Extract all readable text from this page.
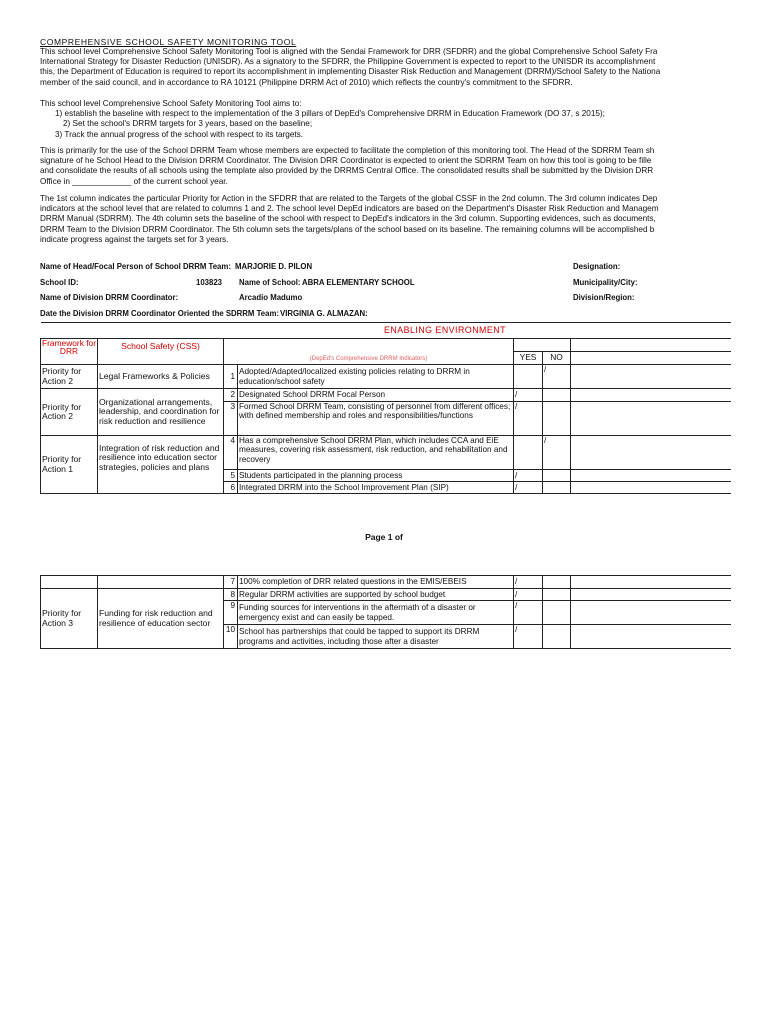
COMPREHENSIVE SCHOOL SAFETY MONITORING TOOL
This school level Comprehensive School Safety Monitoring Tool is aligned with the Sendai Framework for DRR (SFDRR) and the global Comprehensive School Safety Fra
International Strategy for Disaster Reduction (UNISDR). As a signatory to the SFDRR, the Philippine Government is expected to report to the UNISDR its accomplishment
this, the Department of Education is required to report its accomplishment in implementing Disaster Risk Reduction and Management (DRRM)/School Safety to the Nationa
member of the said council, and in accordance to RA 10121 (Philippine DRRM Act of 2010) which reflects the country's commitment to the SFDRR.
This school level Comprehensive School Safety Monitoring Tool aims to:
1) establish the baseline with respect to the implementation of the 3 pillars of DepEd's Comprehensive DRRM in Education Framework (DO 37, s 2015);
2) Set the school's DRRM targets for 3 years, based on the baseline;
3) Track the annual progress of the school with respect to its targets.
This is primarily for the use of the School DRRM Team whose members are expected to facilitate the completion of this monitoring tool. The Head of the SDRRM Team sh
signature of he School Head to the Division DRRM Coordinator. The Division DRR Coordinator is expected to orient the SDRRM Team on how this tool is going to be fille
and consolidate the results of all schools using the template also provided by the DRRMS Central Office. The consolidated results shall be submitted by the Division DRR
Office in _____________ of the current school year.
The 1st column indicates the particular Priority for Action in the SFDRR that are related to the Targets of the global CSSF in the 2nd column. The 3rd column indicates Dep
indicators at the school level that are related to columns 1 and 2. The school level DepEd indicators are based on the Department's Disaster Risk Reduction and Managem
DRRM Manual (SDRRM). The 4th column sets the baseline of the school with respect to DepEd's indicators in the 3rd column. Supporting evidences, such as documents,
DRRM Team to the Division DRRM Coordinator. The 5th column sets the targets/plans of the school based on its baseline. The remaining columns will be accomplished b
indicate progress against the targets set for 3 years.
Name of Head/Focal Person of School DRRM Team: MARJORIE D. PILON	Designation:
School ID:	103823 Name of School: ABRA ELEMENTARY SCHOOL	Municipality/City:
Name of Division DRRM Coordinator:	Arcadio Madumo	Division/Region:
Date the Division DRRM Coordinator Oriented the SDRRM Team: VIRGINIA G. ALMAZAN:
ENABLING ENVIRONMENT						
Framework for DRR	School Safety (CSS)	(DepEd's Comprehensive DRRM Indicators)				
				YES	NO	
Priority for Action 2	Legal Frameworks & Policies	1	Adopted/Adapted/localized existing policies relating to DRRM in education/school safety		/	
Priority for Action 2	Organizational arrangements, leadership, and coordination for risk reduction and resilience	2	Designated School DRRM Focal Person	/		
		3	Formed School DRRM Team, consisting of personnel from different offices; with defined membership and roles and responsibilities/functions	/		
Priority for Action 1	Integration of risk reduction and resilience into education sector strategies, policies and plans	4	Has a comprehensive School DRRM Plan, which includes CCA and EiE measures, covering risk assessment, risk reduction, and rehabilitation and recovery		/	
		5	Students participated in the planning process	/		
		6	Integrated DRRM into the School Improvement Plan (SIP)	/		
Page 1 of
		7	100% completion of DRR related questions in the EMIS/EBEIS	/		
Priority for Action 3	Funding for risk reduction and resilience of education sector	8	Regular DRRM activities are supported by school budget	/		
		9	Funding sources for interventions in the aftermath of a disaster or emergency exist and can easily be tapped.	/		
		10	School has partnerships that could be tapped to support its DRRM programs and activities, including those after a disaster	/		
